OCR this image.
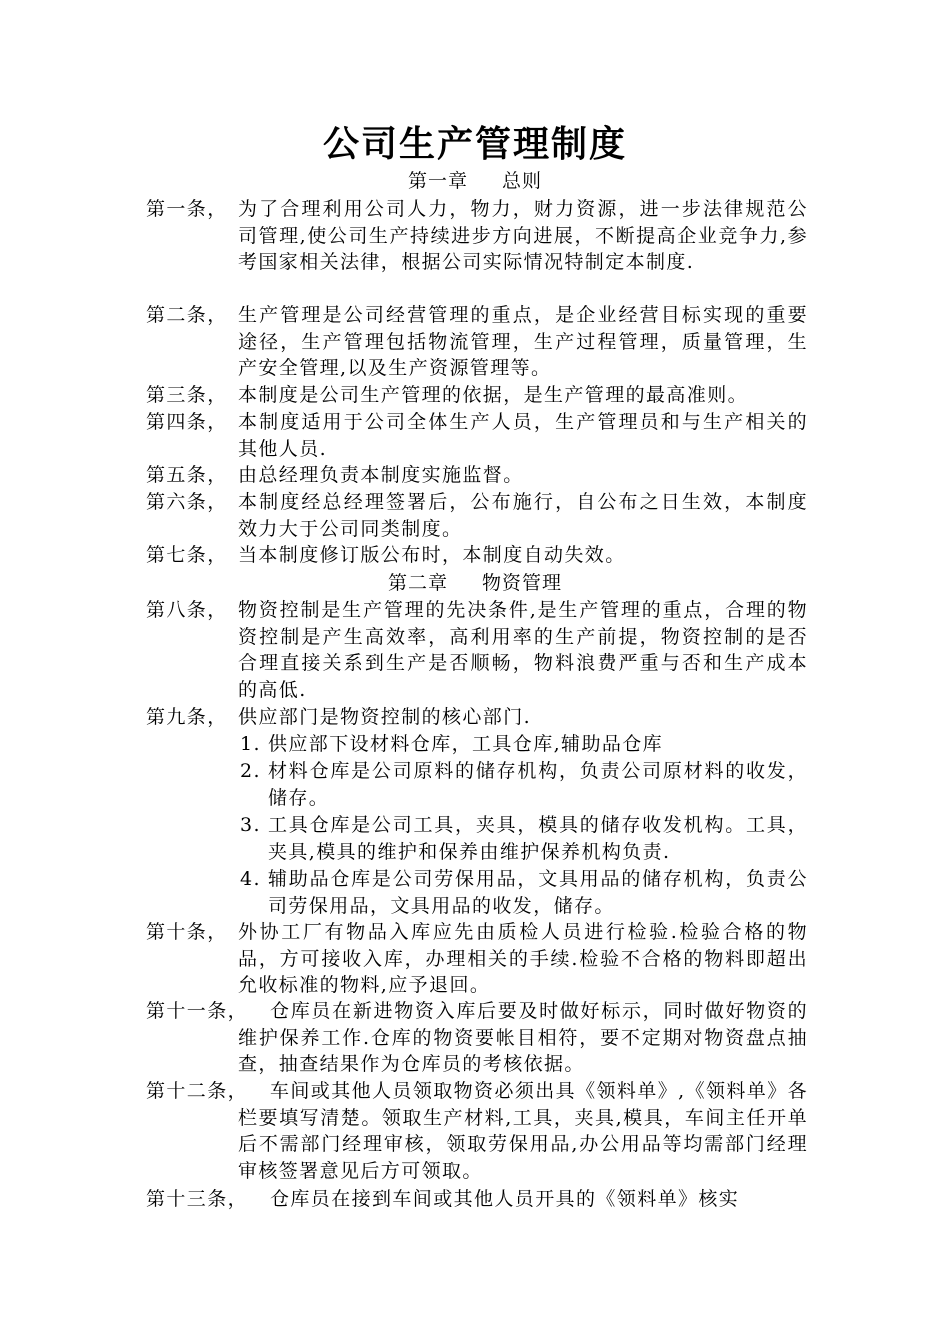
公司生产管理制度
第一章 总则
第一条， 为了合理利用公司人力，物力，财力资源，进一步法律规范公司管理,使公司生产持续进步方向进展，不断提高企业竞争力,参考国家相关法律，根据公司实际情况特制定本制度.
第二条， 生产管理是公司经营管理的重点，是企业经营目标实现的重要途径，生产管理包括物流管理，生产过程管理，质量管理，生产安全管理,以及生产资源管理等。
第三条， 本制度是公司生产管理的依据，是生产管理的最高准则。
第四条， 本制度适用于公司全体生产人员，生产管理员和与生产相关的其他人员.
第五条， 由总经理负责本制度实施监督。
第六条， 本制度经总经理签署后，公布施行，自公布之日生效，本制度效力大于公司同类制度。
第七条， 当本制度修订版公布时，本制度自动失效。
第二章 物资管理
第八条， 物资控制是生产管理的先决条件,是生产管理的重点，合理的物资控制是产生高效率，高利用率的生产前提，物资控制的是否合理直接关系到生产是否顺畅，物料浪费严重与否和生产成本的高低.
第九条， 供应部门是物资控制的核心部门.
1. 供应部下设材料仓库，工具仓库,辅助品仓库
2. 材料仓库是公司原料的储存机构，负责公司原材料的收发，储存。
3. 工具仓库是公司工具，夹具，模具的储存收发机构。工具，夹具,模具的维护和保养由维护保养机构负责.
4. 辅助品仓库是公司劳保用品，文具用品的储存机构，负责公司劳保用品，文具用品的收发，储存。
第十条， 外协工厂有物品入库应先由质检人员进行检验.检验合格的物品，方可接收入库，办理相关的手续.检验不合格的物料即超出允收标准的物料,应予退回。
第十一条，	仓库员在新进物资入库后要及时做好标示，同时做好物资的维护保养工作.仓库的物资要帐目相符，要不定期对物资盘点抽查，抽查结果作为仓库员的考核依据。
第十二条，	车间或其他人员领取物资必须出具《领料单》,《领料单》各栏要填写清楚。领取生产材料,工具，夹具,模具，车间主任开单后不需部门经理审核，领取劳保用品,办公用品等均需部门经理审核签署意见后方可领取。
第十三条，	仓库员在接到车间或其他人员开具的《领料单》核实
